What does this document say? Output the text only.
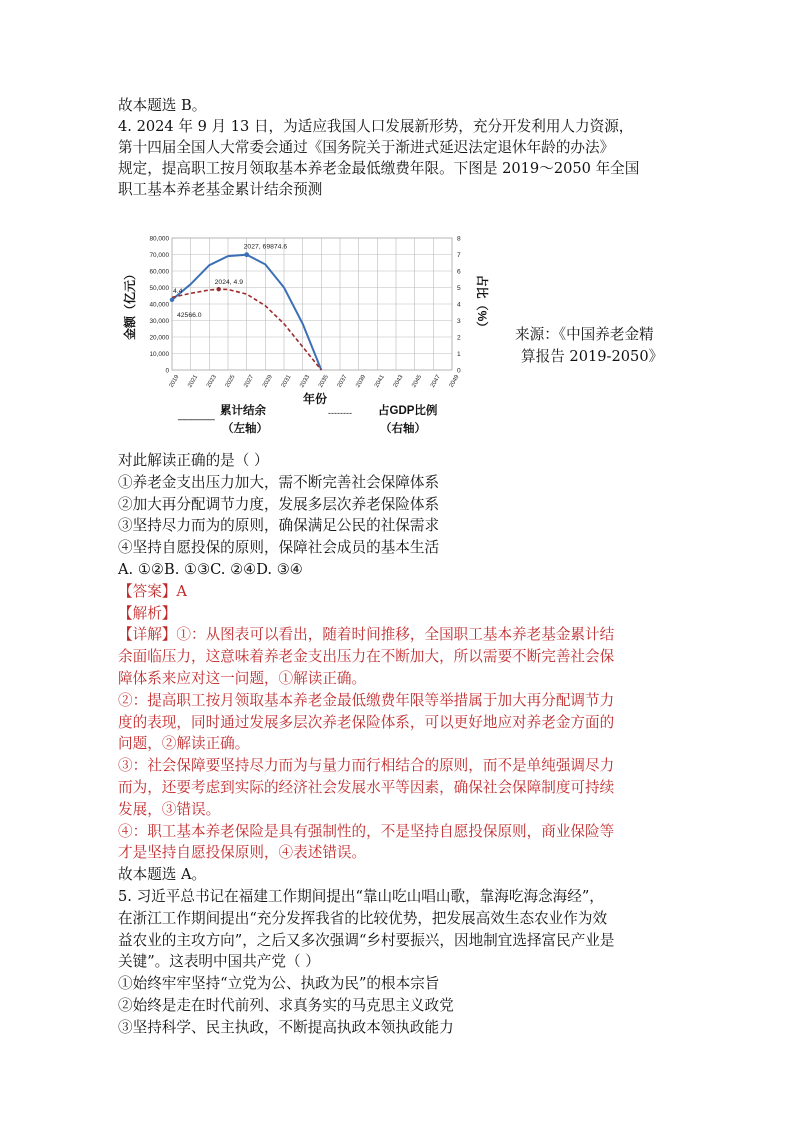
故本题选 B。
4. 2024 年 9 月 13 日，为适应我国人口发展新形势，充分开发利用人力资源，
第十四届全国人大常委会通过《国务院关于渐进式延迟法定退休年龄的办法》
规定，提高职工按月领取基本养老金最低缴费年限。下图是 2019～2050 年全国
职工基本养老基金累计结余预测
80,000
70,000
60,000
50,000
40,000
30,000
20,000
10,000
0
8
7
6
5
4
3
2
1
0
2019 2021 2023 2025 2027 2029 2031 2033 2035 2037 2039 2041 2043 2045 2047 2049
金额（亿元）	占比（%）
年份
2027, 69874.6
2024, 4.9
4.4
42566.0
______ 累计结余
（左轴）
-------- 占GDP比例
（右轴）
来源：《中国养老金精
算报告 2019-2050》
对此解读正确的是（ ）
①养老金支出压力加大，需不断完善社会保障体系
②加大再分配调节力度，发展多层次养老保险体系
③坚持尽力而为的原则，确保满足公民的社保需求
④坚持自愿投保的原则，保障社会成员的基本生活
A. ①②B. ①③C. ②④D. ③④
【答案】A
【解析】
【详解】①：从图表可以看出，随着时间推移，全国职工基本养老基金累计结
余面临压力，这意味着养老金支出压力在不断加大，所以需要不断完善社会保
障体系来应对这一问题，①解读正确。
②：提高职工按月领取基本养老金最低缴费年限等举措属于加大再分配调节力
度的表现，同时通过发展多层次养老保险体系，可以更好地应对养老金方面的
问题，②解读正确。
③：社会保障要坚持尽力而为与量力而行相结合的原则，而不是单纯强调尽力
而为，还要考虑到实际的经济社会发展水平等因素，确保社会保障制度可持续
发展，③错误。
④：职工基本养老保险是具有强制性的，不是坚持自愿投保原则，商业保险等
才是坚持自愿投保原则，④表述错误。
故本题选 A。
5. 习近平总书记在福建工作期间提出“靠山吃山唱山歌，靠海吃海念海经”，
在浙江工作期间提出“充分发挥我省的比较优势，把发展高效生态农业作为效
益农业的主攻方向”，之后又多次强调“乡村要振兴，因地制宜选择富民产业是
关键”。这表明中国共产党（ ）
①始终牢牢坚持“立党为公、执政为民”的根本宗旨
②始终是走在时代前列、求真务实的马克思主义政党
③坚持科学、民主执政，不断提高执政本领执政能力
